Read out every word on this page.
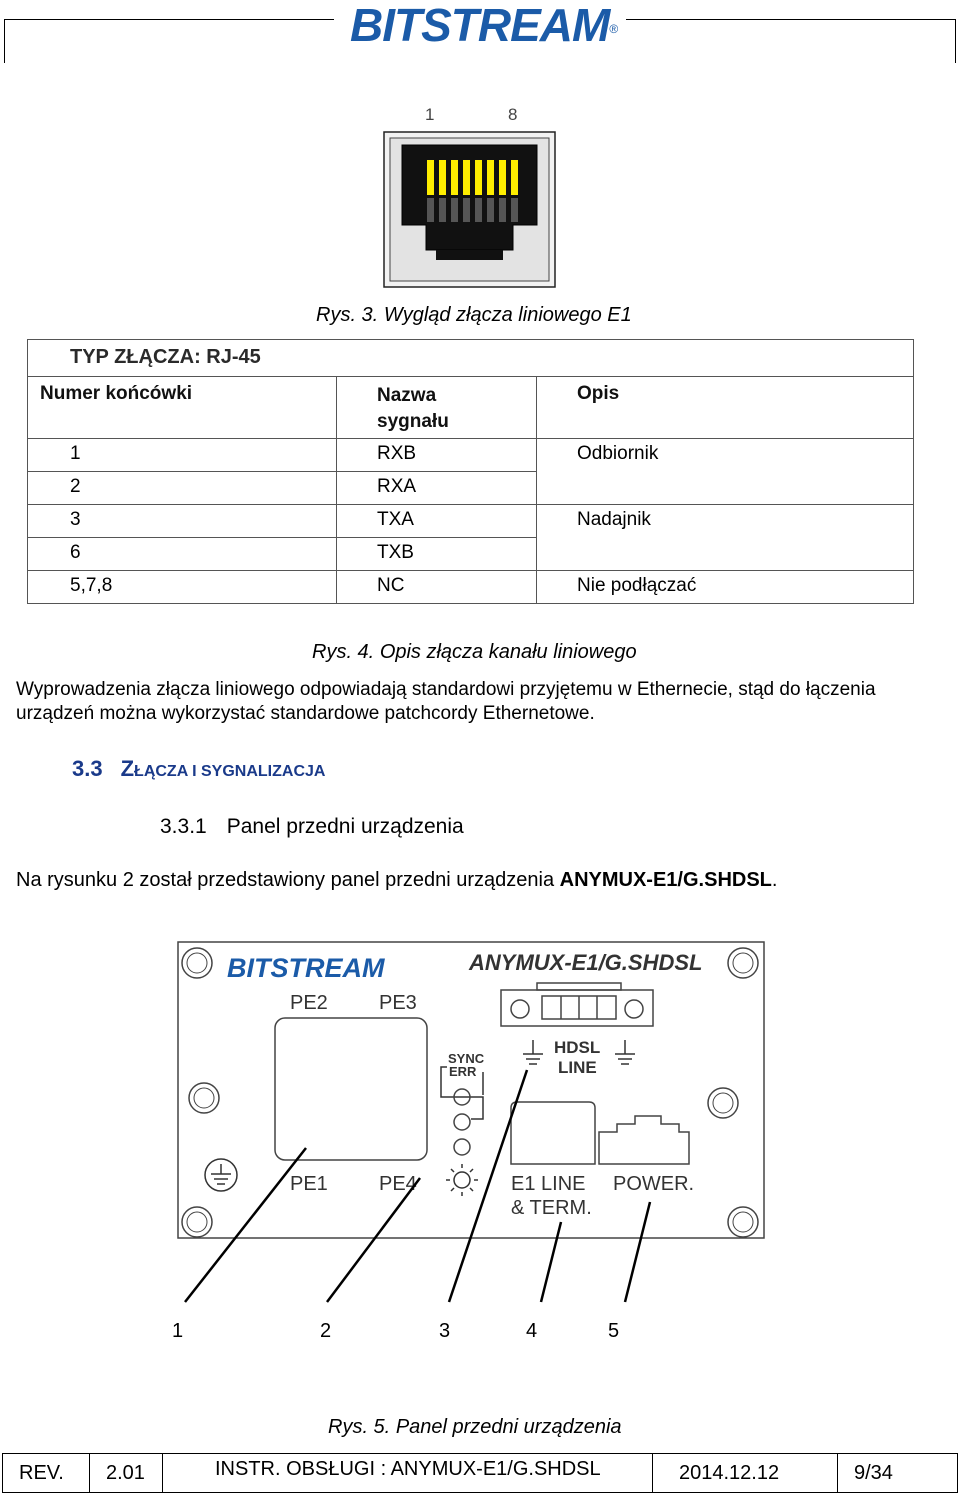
BITSTREAM®
1	8
Rys. 3. Wygląd złącza liniowego E1
TYP ZŁĄCZA: RJ-45		
Numer końcówki	Nazwa sygnału	Opis
1	RXB	Odbiornik
2	RXA	
3	TXA	Nadajnik
6	TXB	
5,7,8	NC	Nie podłączać
Rys. 4. Opis złącza kanału liniowego
Wyprowadzenia złącza liniowego odpowiadają standardowi przyjętemu w Ethernecie, stąd do łączenia urządzeń można wykorzystać standardowe patchcordy Ethernetowe.
3.3 ZŁĄCZA I SYGNALIZACJA
3.3.1 Panel przedni urządzenia
Na rysunku 2 został przedstawiony panel przedni urządzenia ANYMUX-E1/G.SHDSL.
BITSTREAM	ANYMUX-E1/G.SHDSL
PE2	PE3
PE1	PE4
SYNC
ERR
HDSL
LINE
E1 LINE
& TERM.
POWER.
1	2	3	4	5
Rys. 5. Panel przedni urządzenia
REV.	2.01	INSTR. OBSŁUGI : ANYMUX-E1/G.SHDSL	2014.12.12	9/34
